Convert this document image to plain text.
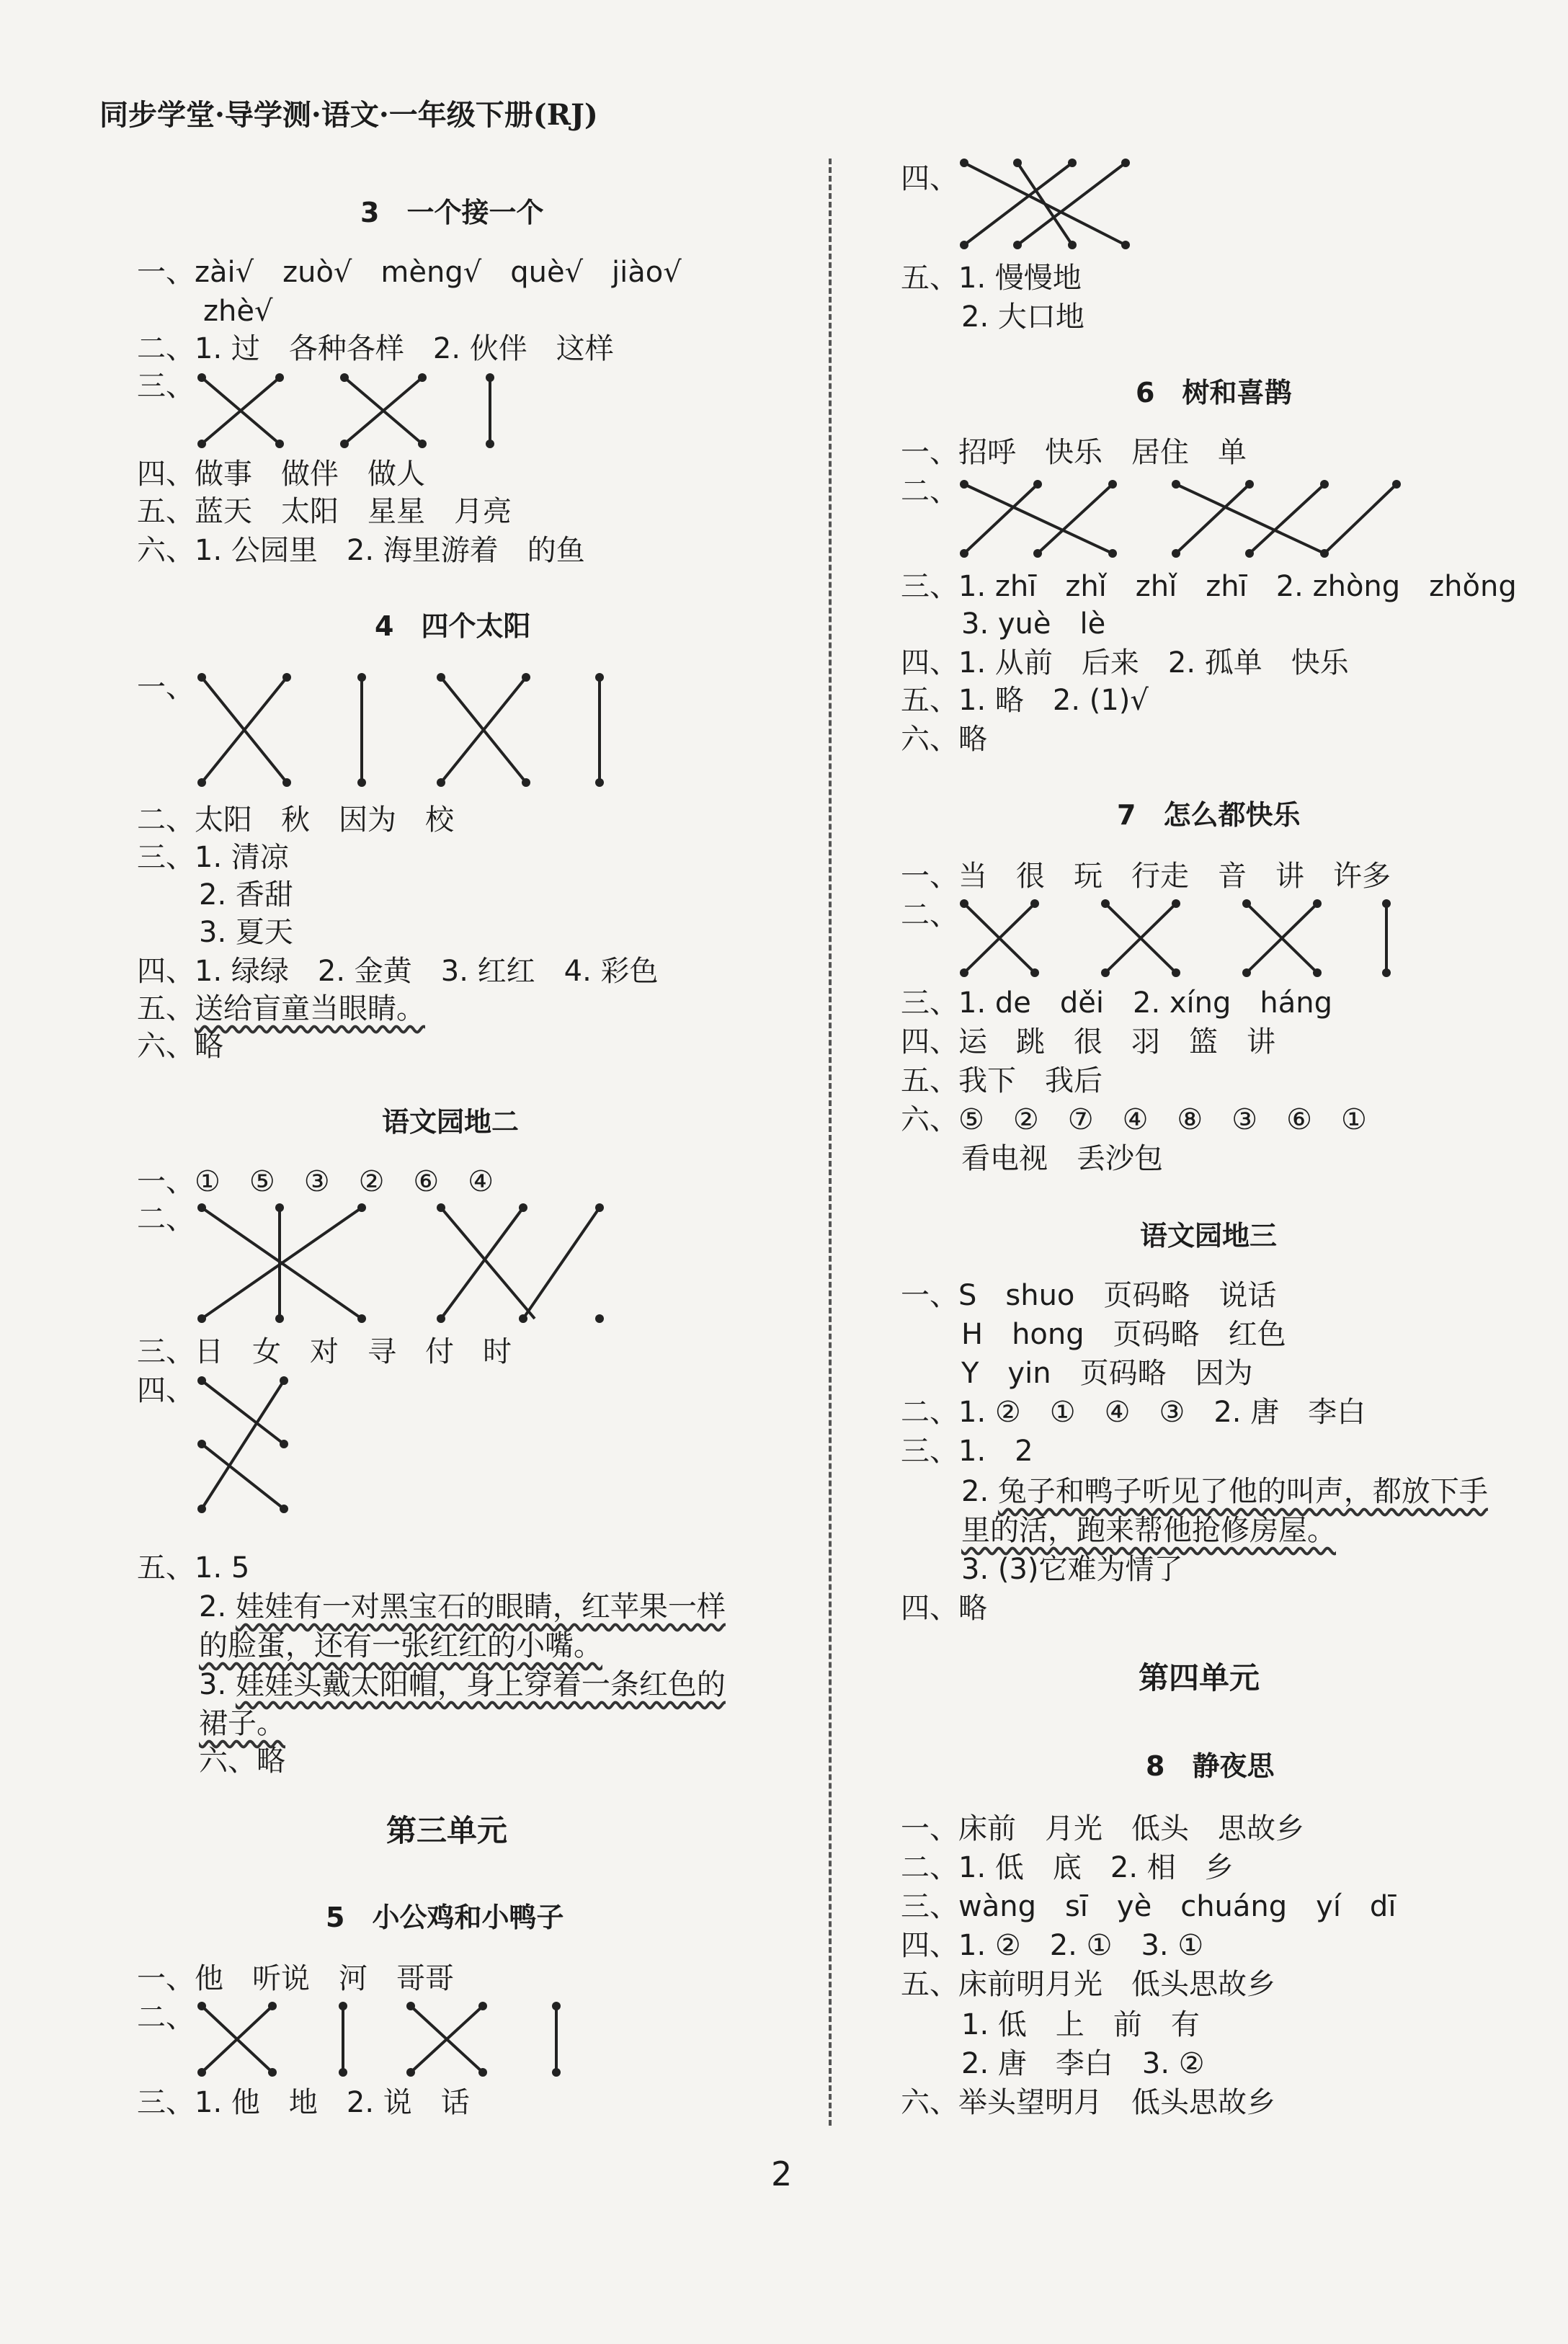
同步学堂·导学测·语文·一年级下册(RJ)
3　一个接一个
一、zài√　zuò√　mèng√　què√　jiào√
zhè√
二、1. 过　各种各样　2. 伙伴　这样
三、
四、做事　做伴　做人
五、蓝天　太阳　星星　月亮
六、1. 公园里　2. 海里游着　的鱼
4　四个太阳
一、
二、太阳　秋　因为　校
三、1. 清凉
2. 香甜
3. 夏天
四、1. 绿绿　2. 金黄　3. 红红　4. 彩色
五、送给盲童当眼睛。
六、略
语文园地二
一、①　⑤　③　②　⑥　④
二、
三、日　女　对　寻　付　时
四、
五、1. 5
2. 娃娃有一对黑宝石的眼睛，红苹果一样
的脸蛋，还有一张红红的小嘴。
3. 娃娃头戴太阳帽，身上穿着一条红色的
裙子。
六、略
第三单元
5　小公鸡和小鸭子
一、他　听说　河　哥哥
二、
三、1. 他　地　2. 说　话
四、
五、1. 慢慢地
2. 大口地
6　树和喜鹊
一、招呼　快乐　居住　单
二、
三、1. zhī　zhǐ　zhǐ　zhī　2. zhòng　zhǒng
3. yuè　lè
四、1. 从前　后来　2. 孤单　快乐
五、1. 略　2. (1)√
六、略
7　怎么都快乐
一、当　很　玩　行走　音　讲　许多
二、
三、1. de　děi　2. xíng　háng
四、运　跳　很　羽　篮　讲
五、我下　我后
六、⑤　②　⑦　④　⑧　③　⑥　①
看电视　丢沙包
语文园地三
一、S　shuo　页码略　说话
H　hong　页码略　红色
Y　yin　页码略　因为
二、1. ②　①　④　③　2. 唐　李白
三、1.　2
2. 兔子和鸭子听见了他的叫声，都放下手
里的活，跑来帮他抢修房屋。
3. (3)它难为情了
四、略
第四单元
8　静夜思
一、床前　月光　低头　思故乡
二、1. 低　底　2. 相　乡
三、wàng　sī　yè　chuáng　yí　dī
四、1. ②　2. ①　3. ①
五、床前明月光　低头思故乡
1. 低　上　前　有
2. 唐　李白　3. ②
六、举头望明月　低头思故乡
2
